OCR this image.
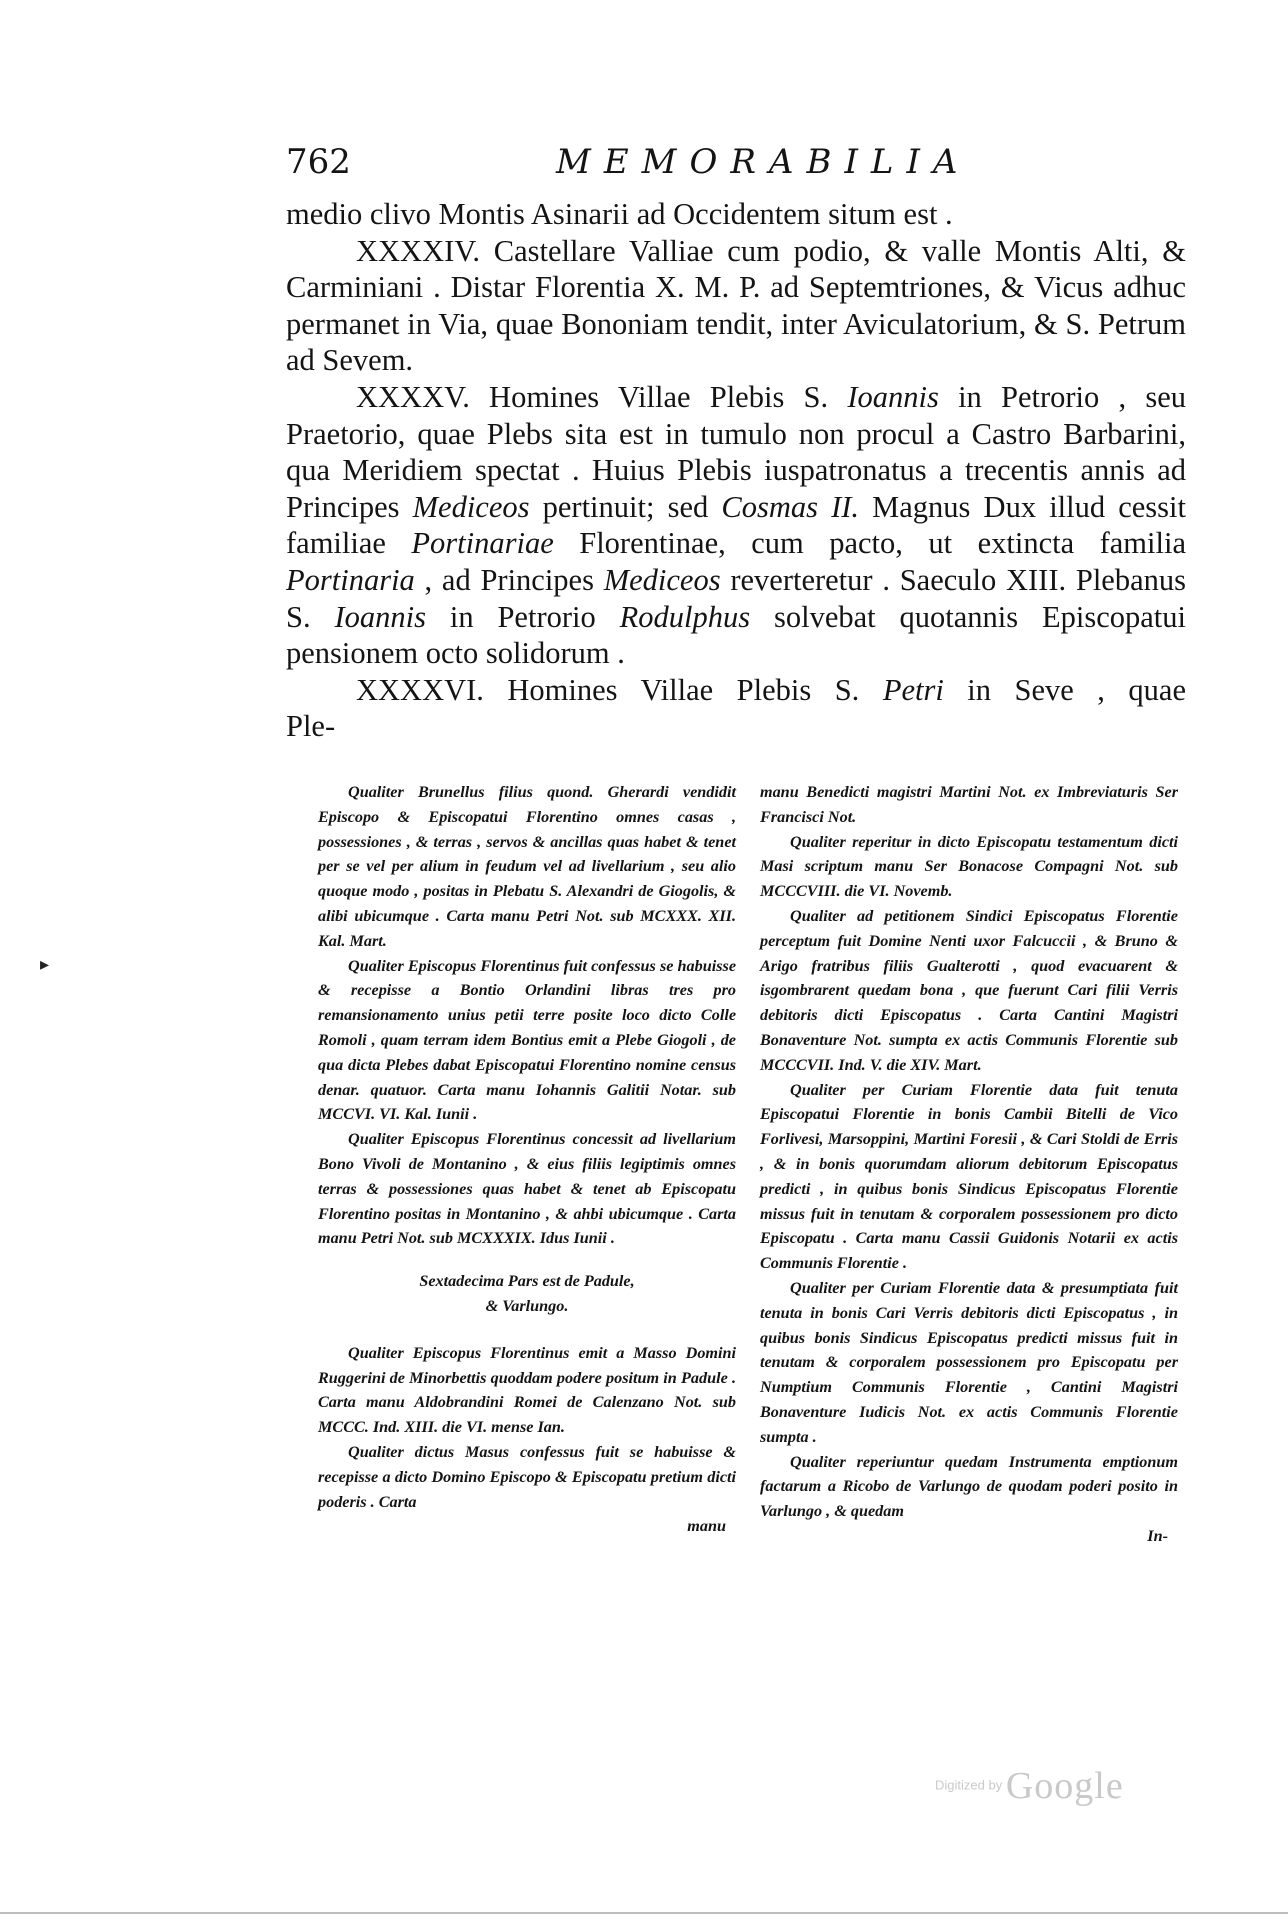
762	MEMORABILIA

medio clivo Montis Asinarii ad Occidentem situm est .

XXXXIV. Castellare Valliae cum podio, & valle Montis Alti, & Carminiani . Distar Florentia X. M. P. ad Septemtriones, & Vicus adhuc permanet in Via, quae Bononiam tendit, inter Aviculatorium, & S. Petrum ad Sevem.

XXXXV. Homines Villae Plebis S. Ioannis in Petrorio , seu Praetorio, quae Plebs sita est in tumulo non procul a Castro Barbarini, qua Meridiem spectat . Huius Plebis iuspatronatus a trecentis annis ad Principes Mediceos pertinuit; sed Cosmas II. Magnus Dux illud cessit familiae Portinariae Florentinae, cum pacto, ut extincta familia Portinaria , ad Principes Mediceos reverteretur . Saeculo XIII. Plebanus S. Ioannis in Petrorio Rodulphus solvebat quotannis Episcopatui pensionem octo solidorum .

XXXXVI. Homines Villae Plebis S. Petri in Seve , quae

Ple-

Qualiter Brunellus filius quond. Gherardi vendidit Episcopo & Episcopatui Florentino omnes casas , possessiones , & terras , servos & ancillas quas habet & tenet per se vel per alium in feudum vel ad livellarium , seu alio quoque modo , positas in Plebatu S. Alexandri de Giogolis, & alibi ubicumque . Carta manu Petri Not. sub MCXXX. XII. Kal. Mart.

Qualiter Episcopus Florentinus fuit confessus se habuisse & recepisse a Bontio Orlandini libras tres pro remansionamento unius petii terre posite loco dicto Colle Romoli , quam terram idem Bontius emit a Plebe Giogoli , de qua dicta Plebes dabat Episcopatui Florentino nomine census denar. quatuor. Carta manu Iohannis Galitii Notar. sub MCCVI. VI. Kal. Iunii .

Qualiter Episcopus Florentinus concessit ad livellarium Bono Vivoli de Montanino , & eius filiis legiptimis omnes terras & possessiones quas habet & tenet ab Episcopatu Florentino positas in Montanino , & ahbi ubicumque . Carta manu Petri Not. sub MCXXXIX. Idus Iunii .

Sextadecima Pars est de Padule,
& Varlungo.

Qualiter Episcopus Florentinus emit a Masso Domini Ruggerini de Minorbettis quoddam podere positum in Padule . Carta manu Aldobrandini Romei de Calenzano Not. sub MCCC. Ind. XIII. die VI. mense Ian.

Qualiter dictus Masus confessus fuit se habuisse & recepisse a dicto Domino Episcopo & Episcopatu pretium dicti poderis . Carta

manu

manu Benedicti magistri Martini Not. ex Imbreviaturis Ser Francisci Not.

Qualiter reperitur in dicto Episcopatu testamentum dicti Masi scriptum manu Ser Bonacose Compagni Not. sub MCCCVIII. die VI. Novemb.

Qualiter ad petitionem Sindici Episcopatus Florentie perceptum fuit Domine Nenti uxor Falcuccii , & Bruno & Arigo fratribus filiis Gualterotti , quod evacuarent & isgombrarent quedam bona , que fuerunt Cari filii Verris debitoris dicti Episcopatus . Carta Cantini Magistri Bonaventure Not. sumpta ex actis Communis Florentie sub MCCCVII. Ind. V. die XIV. Mart.

Qualiter per Curiam Florentie data fuit tenuta Episcopatui Florentie in bonis Cambii Bitelli de Vico Forlivesi, Marsoppini, Martini Foresii , & Cari Stoldi de Erris , & in bonis quorumdam aliorum debitorum Episcopatus predicti , in quibus bonis Sindicus Episcopatus Florentie missus fuit in tenutam & corporalem possessionem pro dicto Episcopatu . Carta manu Cassii Guidonis Notarii ex actis Communis Florentie .

Qualiter per Curiam Florentie data & presumptiata fuit tenuta in bonis Cari Verris debitoris dicti Episcopatus , in quibus bonis Sindicus Episcopatus predicti missus fuit in tenutam & corporalem possessionem pro Episcopatu per Numptium Communis Florentie , Cantini Magistri Bonaventure Iudicis Not. ex actis Communis Florentie sumpta .

Qualiter reperiuntur quedam Instrumenta emptionum factarum a Ricobo de Varlungo de quodam poderi posito in Varlungo , & quedam

In-

▸
Digitized by Google
